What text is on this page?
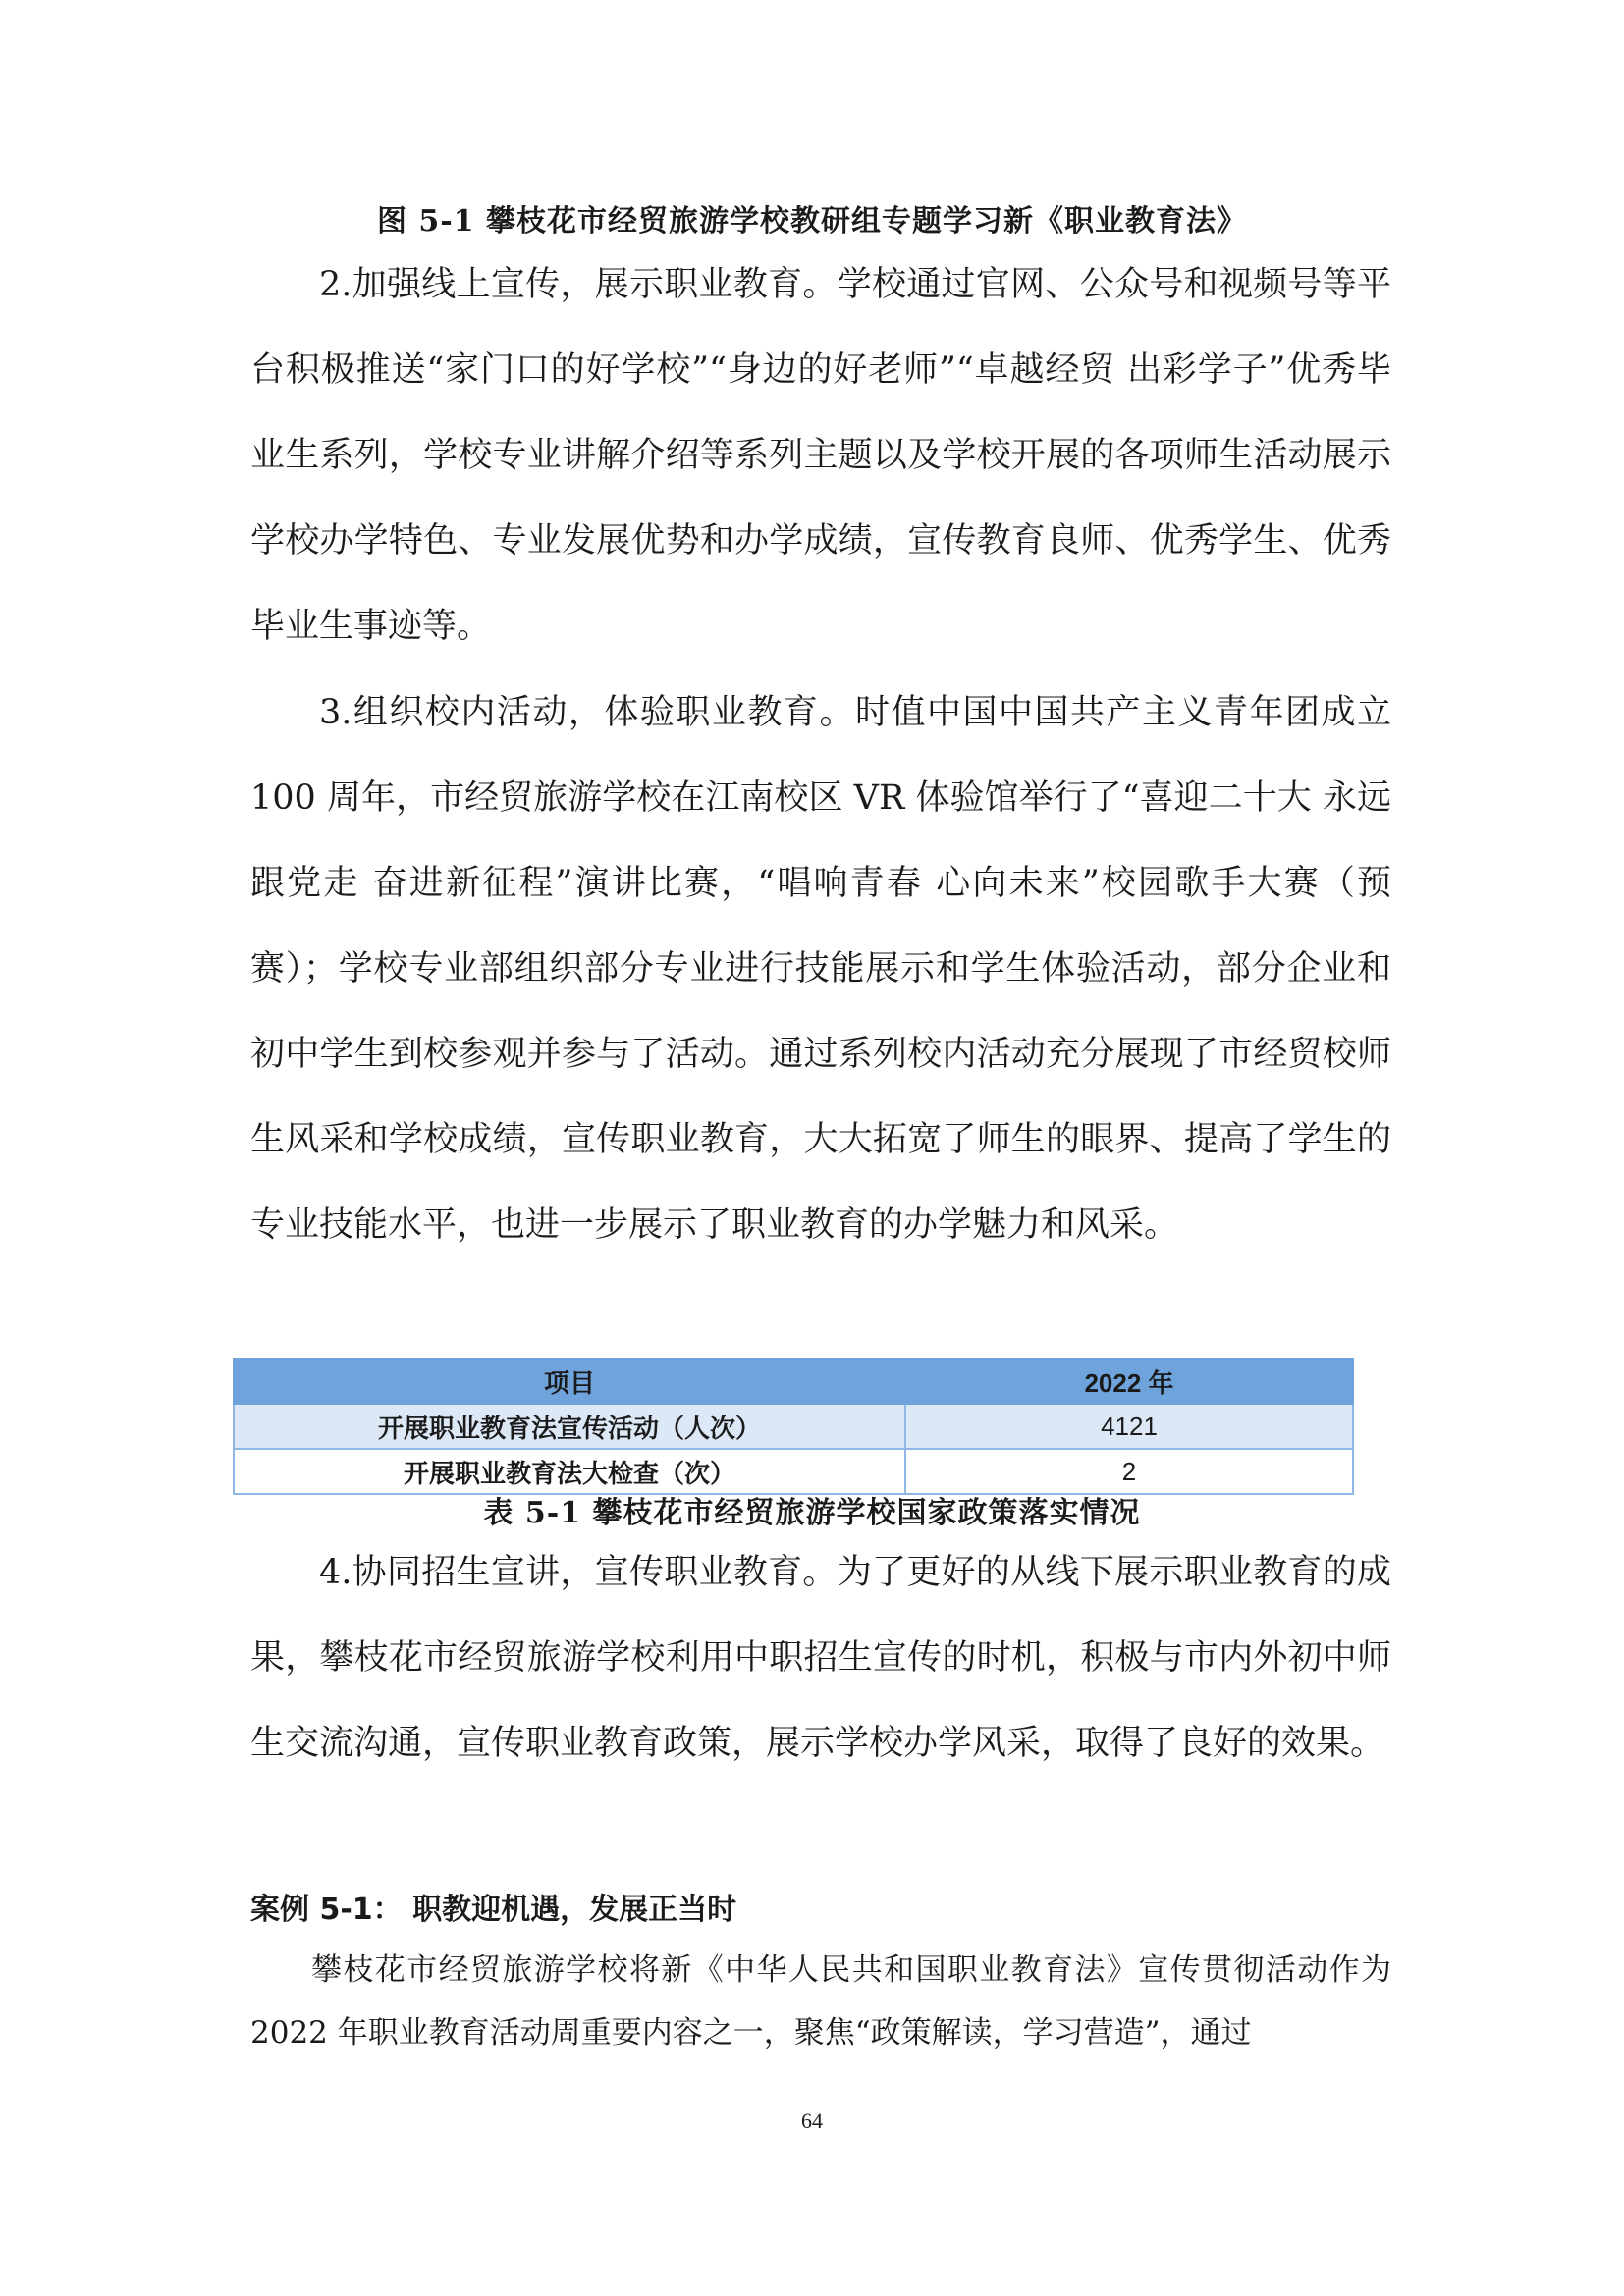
图 5-1 攀枝花市经贸旅游学校教研组专题学习新《职业教育法》

2.加强线上宣传，展示职业教育。学校通过官网、公众号和视频号等平台积极推送“家门口的好学校”“身边的好老师”“卓越经贸 出彩学子”优秀毕业生系列，学校专业讲解介绍等系列主题以及学校开展的各项师生活动展示学校办学特色、专业发展优势和办学成绩，宣传教育良师、优秀学生、优秀毕业生事迹等。

3.组织校内活动，体验职业教育。时值中国中国共产主义青年团成立 100 周年，市经贸旅游学校在江南校区 VR 体验馆举行了“喜迎二十大 永远跟党走 奋进新征程”演讲比赛，“唱响青春 心向未来”校园歌手大赛（预赛）；学校专业部组织部分专业进行技能展示和学生体验活动，部分企业和初中学生到校参观并参与了活动。通过系列校内活动充分展现了市经贸校师生风采和学校成绩，宣传职业教育，大大拓宽了师生的眼界、提高了学生的专业技能水平，也进一步展示了职业教育的办学魅力和风采。

项目	2022 年
开展职业教育法宣传活动（人次）	4121
开展职业教育法大检查（次）	2
表 5-1 攀枝花市经贸旅游学校国家政策落实情况

4.协同招生宣讲，宣传职业教育。为了更好的从线下展示职业教育的成果，攀枝花市经贸旅游学校利用中职招生宣传的时机，积极与市内外初中师生交流沟通，宣传职业教育政策，展示学校办学风采，取得了良好的效果。

案例 5-1： 职教迎机遇，发展正当时

攀枝花市经贸旅游学校将新《中华人民共和国职业教育法》宣传贯彻活动作为 2022 年职业教育活动周重要内容之一，聚焦“政策解读，学习营造”，通过

64
